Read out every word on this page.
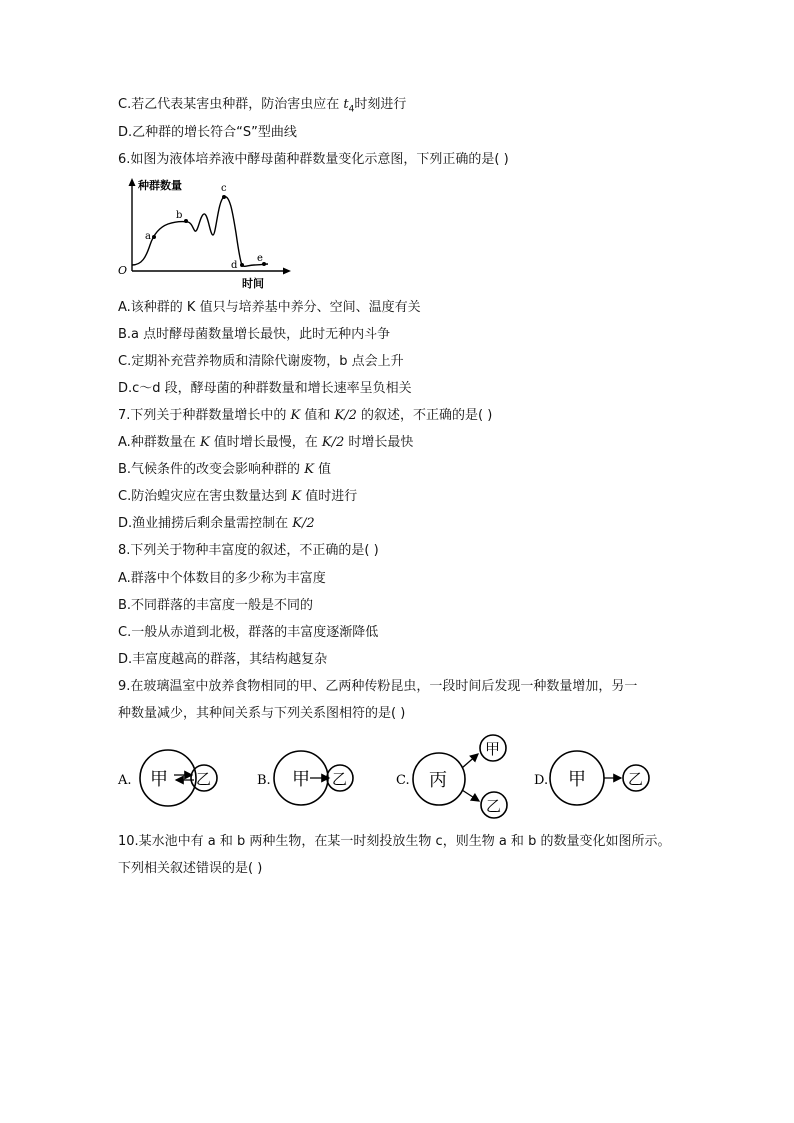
C.若乙代表某害虫种群，防治害虫应在 $t_4$时刻进行
D.乙种群的增长符合“S”型曲线
6.如图为液体培养液中酵母菌种群数量变化示意图，下列正确的是( )
种群数量
时间
O
a
b
c
d
e
A.该种群的 K 值只与培养基中养分、空间、温度有关
B.a 点时酵母菌数量增长最快，此时无种内斗争
C.定期补充营养物质和清除代谢废物，b 点会上升
D.c～d 段，酵母菌的种群数量和增长速率呈负相关
7.下列关于种群数量增长中的 K 值和 K/2 的叙述，不正确的是( )
A.种群数量在 K 值时增长最慢，在 K/2 时增长最快
B.气候条件的改变会影响种群的 K 值
C.防治蝗灾应在害虫数量达到 K 值时进行
D.渔业捕捞后剩余量需控制在 K/2
8.下列关于物种丰富度的叙述，不正确的是( )
A.群落中个体数目的多少称为丰富度
B.不同群落的丰富度一般是不同的
C.一般从赤道到北极，群落的丰富度逐渐降低
D.丰富度越高的群落，其结构越复杂
9.在玻璃温室中放养食物相同的甲、乙两种传粉昆虫，一段时间后发现一种数量增加，另一
种数量减少，其种间关系与下列关系图相符的是( )
A. 甲 乙	B. 甲 乙	C. 丙
甲
乙
D. 甲	乙
10.某水池中有 a 和 b 两种生物，在某一时刻投放生物 c，则生物 a 和 b 的数量变化如图所示。
下列相关叙述错误的是( )
